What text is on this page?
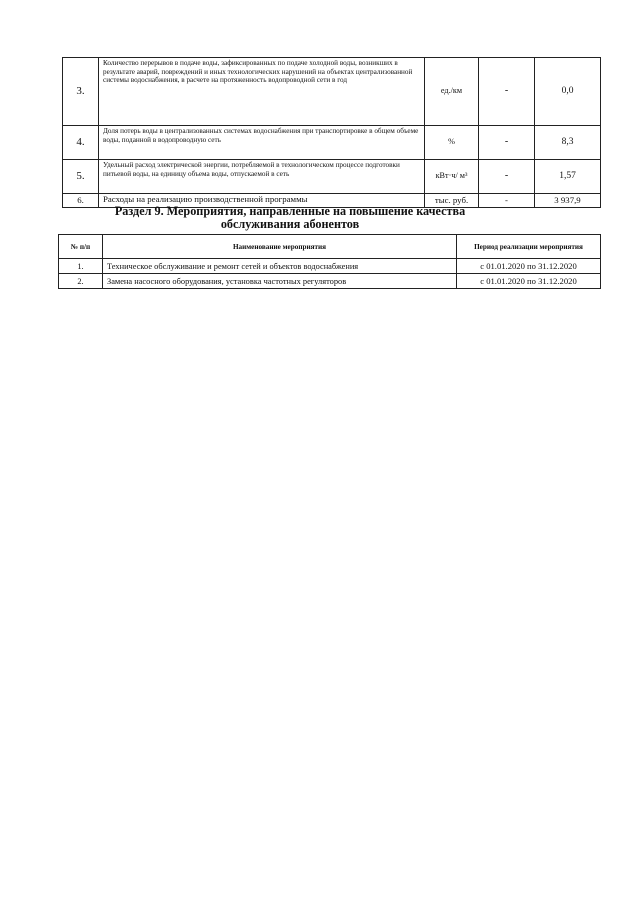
3.	Количество перерывов в подаче воды, зафиксированных по подаче холодной воды, возникших в результате аварий, повреждений и иных технологических нарушений на объектах централизованной системы водоснабжения, в расчете на протяженность водопроводной сети в год	ед./км	-	0,0
4.	Доля потерь воды в централизованных системах водоснабжения при транспортировке в общем объеме воды, поданной в водопроводную сеть	%	-	8,3
5.	Удельный расход электрической энергии, потребляемой в технологическом процессе подготовки питьевой воды, на единицу объема воды, отпускаемой в сеть	кВт·ч/ м³	-	1,57
6.	Расходы на реализацию производственной программы	тыс. руб.	-	3 937,9
Раздел 9. Мероприятия, направленные на повышение качества
обслуживания абонентов
№ п/п	Наименование мероприятия	Период реализации мероприятия
1.	Техническое обслуживание и ремонт сетей и объектов водоснабжения	с 01.01.2020 по 31.12.2020
2.	Замена насосного оборудования, установка частотных регуляторов	с 01.01.2020 по 31.12.2020
